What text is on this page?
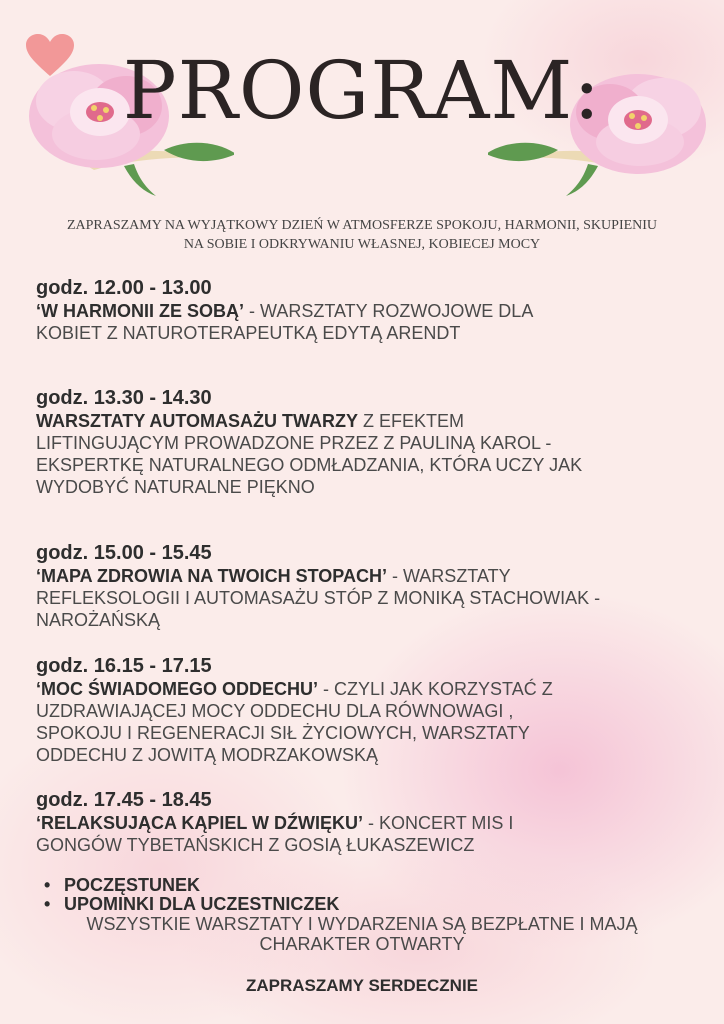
PROGRAM:

ZAPRASZAMY NA WYJĄTKOWY DZIEŃ W ATMOSFERZE SPOKOJU, HARMONII, SKUPIENIU
NA SOBIE I ODKRYWANIU WŁASNEJ, KOBIECEJ MOCY

godz. 12.00 - 13.00

‘W HARMONII ZE SOBĄ’ - WARSZTATY ROZWOJOWE DLA
KOBIET Z NATUROTERAPEUTKĄ EDYTĄ ARENDT

godz. 13.30 - 14.30

WARSZTATY AUTOMASAŻU TWARZY Z EFEKTEM
LIFTINGUJĄCYM PROWADZONE PRZEZ Z PAULINĄ KAROL -
EKSPERTKĘ NATURALNEGO ODMŁADZANIA, KTÓRA UCZY JAK
WYDOBYĆ NATURALNE PIĘKNO

godz. 15.00 - 15.45

‘MAPA ZDROWIA NA TWOICH STOPACH’ - WARSZTATY
REFLEKSOLOGII I AUTOMASAŻU STÓP Z MONIKĄ STACHOWIAK -
NAROŻAŃSKĄ

godz. 16.15 - 17.15

‘MOC ŚWIADOMEGO ODDECHU’ - CZYLI JAK KORZYSTAĆ Z
UZDRAWIAJĄCEJ MOCY ODDECHU DLA RÓWNOWAGI ,
SPOKOJU I REGENERACJI SIŁ ŻYCIOWYCH, WARSZTATY
ODDECHU Z JOWITĄ MODRZAKOWSKĄ

godz. 17.45 - 18.45

‘RELAKSUJĄCA KĄPIEL W DŹWIĘKU’ - KONCERT MIS I
GONGÓW TYBETAŃSKICH Z GOSIĄ ŁUKASZEWICZ

• POCZĘSTUNEK
• UPOMINKI DLA UCZESTNICZEK

WSZYSTKIE WARSZTATY I WYDARZENIA SĄ BEZPŁATNE I MAJĄ
CHARAKTER OTWARTY

ZAPRASZAMY SERDECZNIE
